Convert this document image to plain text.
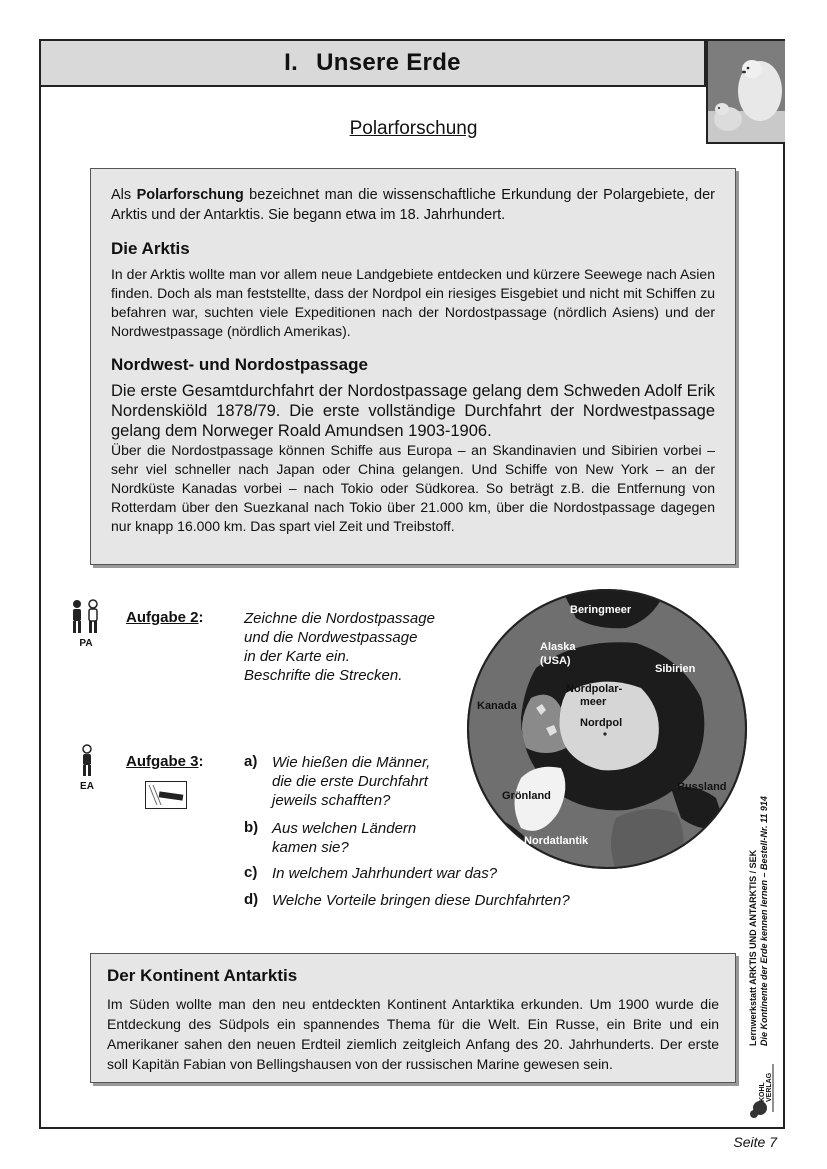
I. Unsere Erde
Polarforschung

Als Polarforschung bezeichnet man die wissenschaftliche Erkundung der Polargebiete, der Arktis und der Antarktis. Sie begann etwa im 18. Jahrhundert.

Die Arktis

In der Arktis wollte man vor allem neue Landgebiete entdecken und kürzere Seewege nach Asien finden. Doch als man feststellte, dass der Nordpol ein riesiges Eisgebiet und nicht mit Schiffen zu befahren war, suchten viele Expeditionen nach der Nordostpassage (nördlich Asiens) und der Nordwestpassage (nördlich Amerikas).

Nordwest- und Nordostpassage

Die erste Gesamtdurchfahrt der Nordostpassage gelang dem Schweden Adolf Erik Nordenskiöld 1878/79. Die erste vollständige Durchfahrt der Nordwestpassage gelang dem Norweger Roald Amundsen 1903-1906.

Über die Nordostpassage können Schiffe aus Europa – an Skandinavien und Sibirien vorbei – sehr viel schneller nach Japan oder China gelangen. Und Schiffe von New York – an der Nordküste Kanadas vorbei – nach Tokio oder Südkorea. So beträgt z.B. die Entfernung von Rotterdam über den Suezkanal nach Tokio über 21.000 km, über die Nordostpassage dagegen nur knapp 16.000 km. Das spart viel Zeit und Treibstoff.

PA
Aufgabe 2:	Zeichne die Nordostpassage
und die Nordwestpassage
in der Karte ein.
Beschrifte die Strecken.
EA
Aufgabe 3:	a) Wie hießen die Männer,
die die erste Durchfahrt
jeweils schafften?
b) Aus welchen Ländern
kamen sie?
c) In welchem Jahrhundert war das?
d) Welche Vorteile bringen diese Durchfahrten?
Beringmeer
Alaska
(USA)
Sibirien
Nordpolar-
meer
Kanada
Nordpol
Russland
Grönland
Nordatlantik
Der Kontinent Antarktis

Im Süden wollte man den neu entdeckten Kontinent Antarktika erkunden. Um 1900 wurde die Entdeckung des Südpols ein spannendes Thema für die Welt. Ein Russe, ein Brite und ein Amerikaner sahen den neuen Erdteil ziemlich zeitgleich Anfang des 20. Jahrhunderts. Der erste soll Kapitän Fabian von Bellingshausen von der russischen Marine gewesen sein.

Lernwerkstatt ARKTIS UND ANTARKTIS / SEK Die Kontinente der Erde kennen lernen – Bestell-Nr. 11 914
KOHL VERLAG
Seite 7
